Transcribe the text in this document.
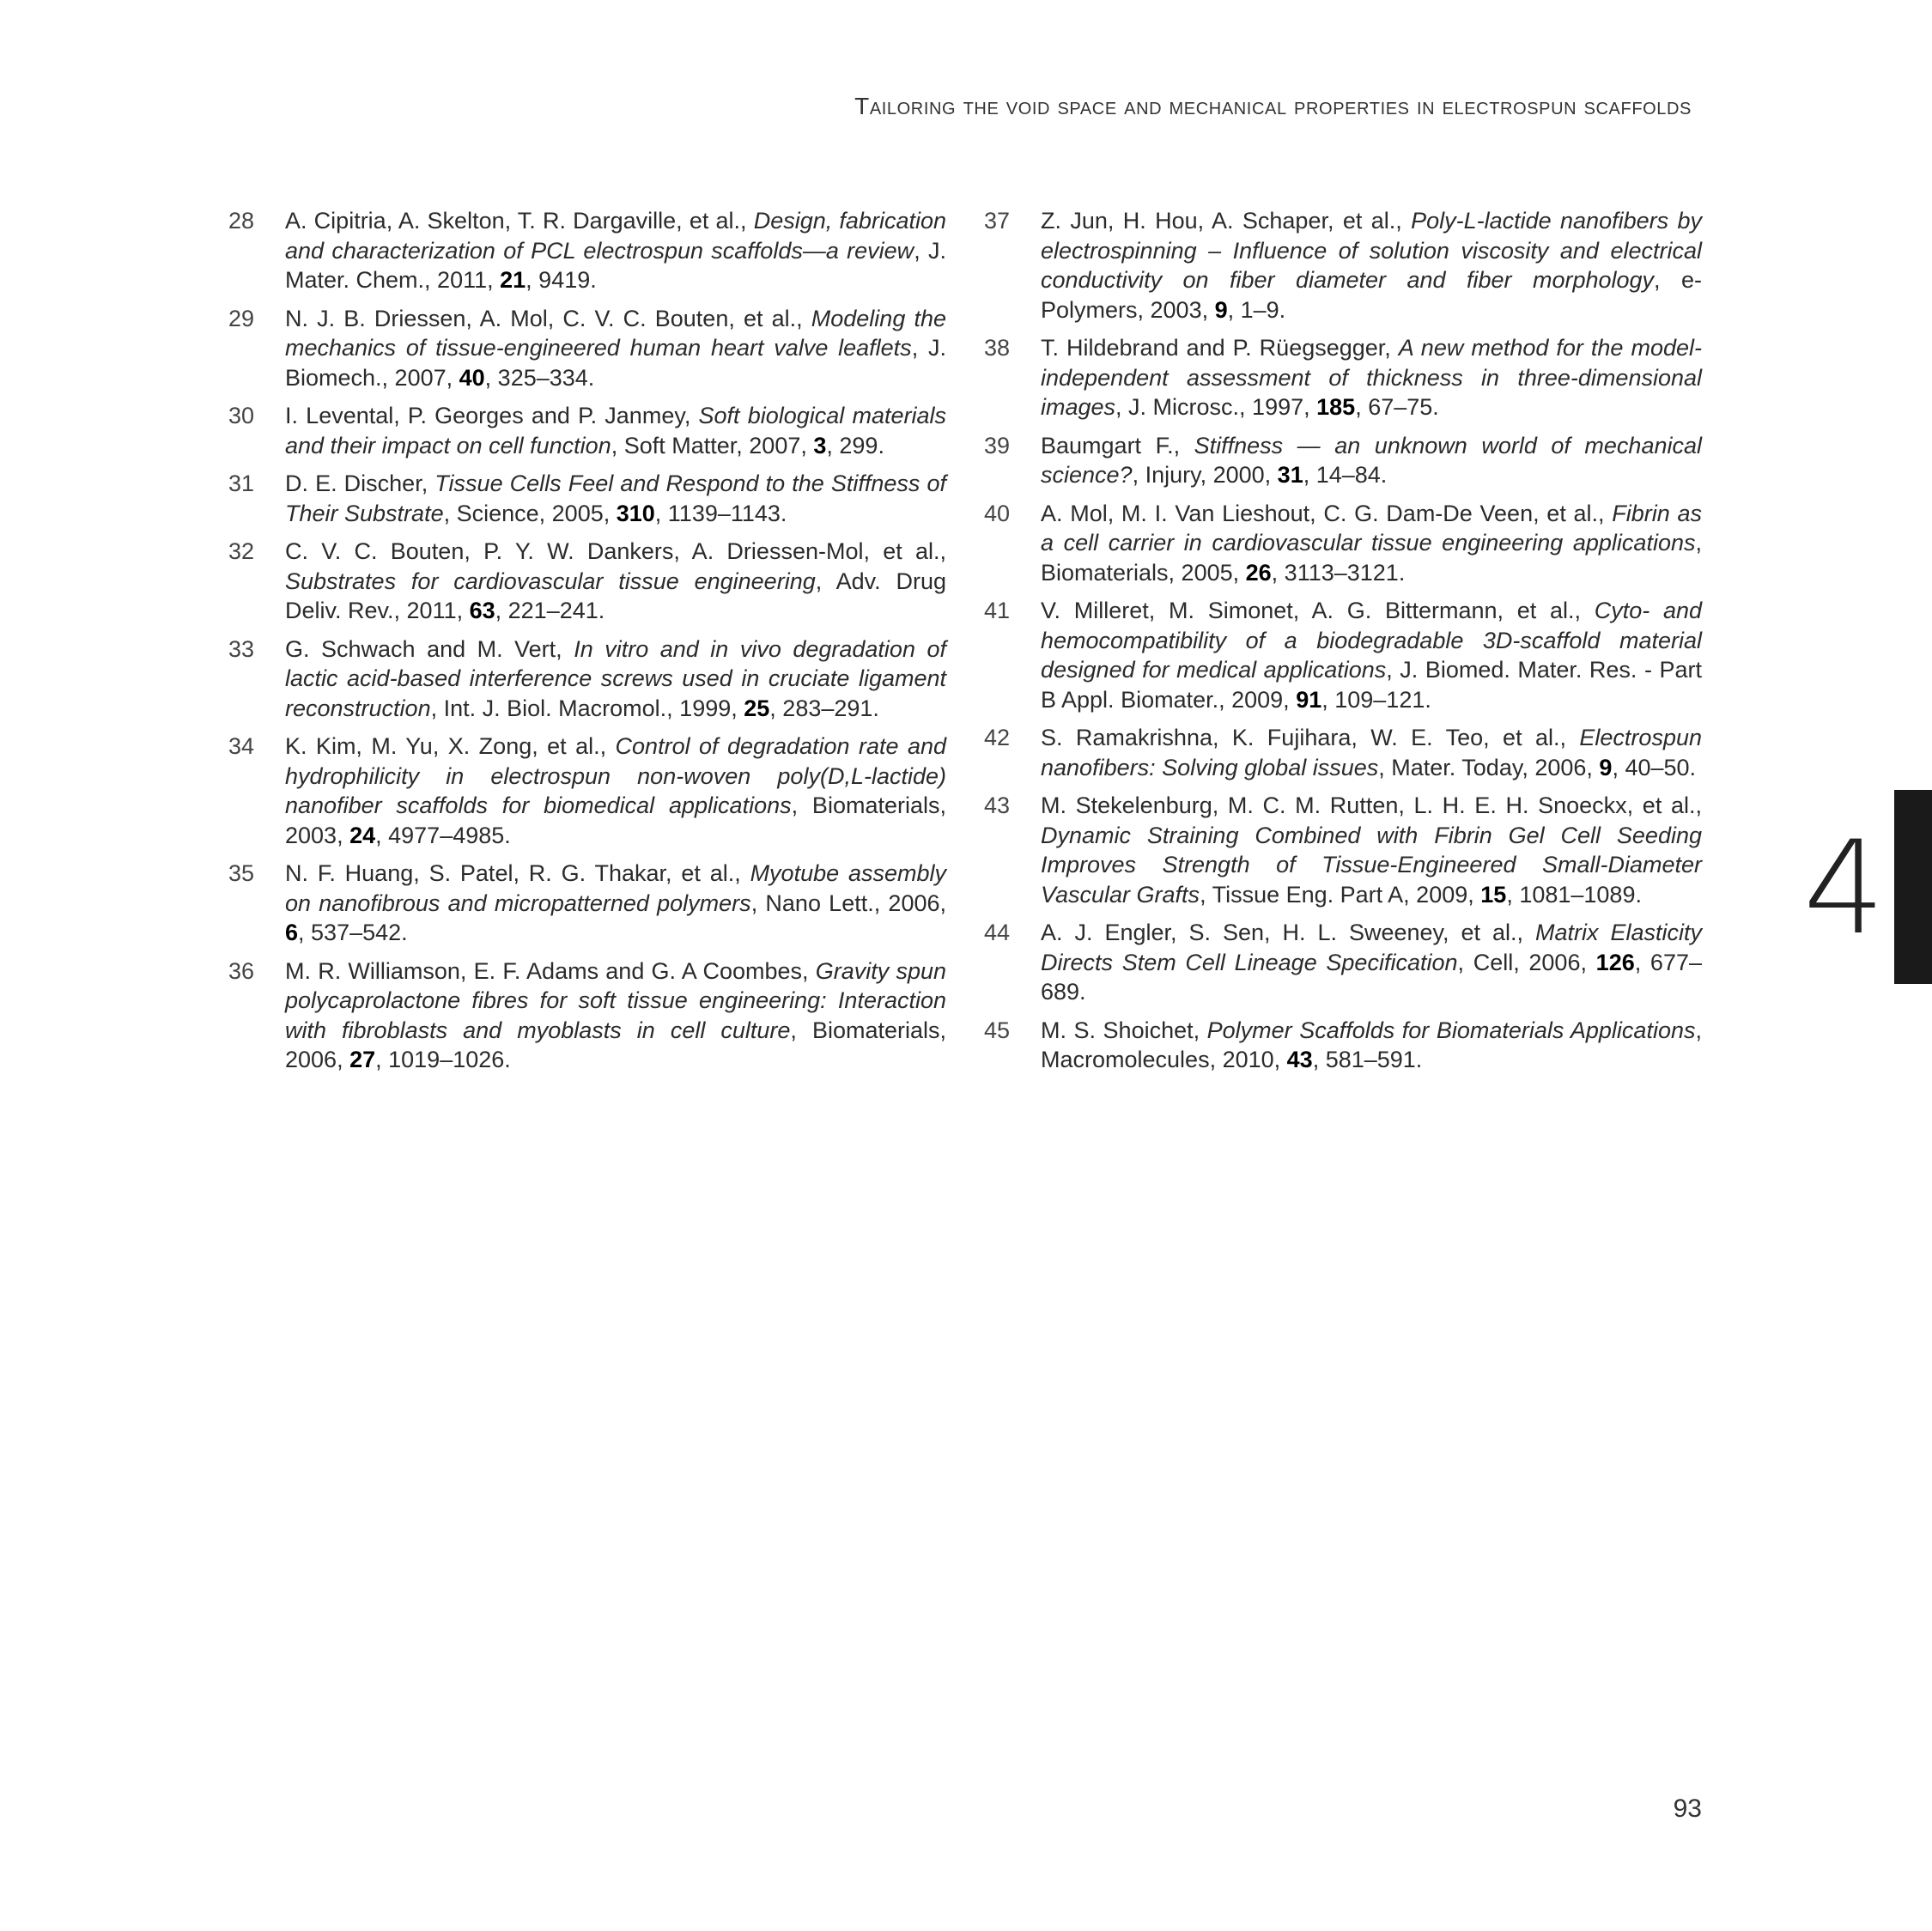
Tailoring the void space and mechanical properties in electrospun scaffolds
28	A. Cipitria, A. Skelton, T. R. Dargaville, et al., Design, fabrication and characterization of PCL electrospun scaffolds—a review, J. Mater. Chem., 2011, 21, 9419.
29	N. J. B. Driessen, A. Mol, C. V. C. Bouten, et al., Modeling the mechanics of tissue-engineered human heart valve leaflets, J. Biomech., 2007, 40, 325–334.
30	I. Levental, P. Georges and P. Janmey, Soft biological materials and their impact on cell function, Soft Matter, 2007, 3, 299.
31	D. E. Discher, Tissue Cells Feel and Respond to the Stiffness of Their Substrate, Science, 2005, 310, 1139–1143.
32	C. V. C. Bouten, P. Y. W. Dankers, A. Driessen-Mol, et al., Substrates for cardiovascular tissue engineering, Adv. Drug Deliv. Rev., 2011, 63, 221–241.
33	G. Schwach and M. Vert, In vitro and in vivo degradation of lactic acid-based interference screws used in cruciate ligament reconstruction, Int. J. Biol. Macromol., 1999, 25, 283–291.
34	K. Kim, M. Yu, X. Zong, et al., Control of degradation rate and hydrophilicity in electrospun non-woven poly(D,L-lactide) nanofiber scaffolds for biomedical applications, Biomaterials, 2003, 24, 4977–4985.
35	N. F. Huang, S. Patel, R. G. Thakar, et al., Myotube assembly on nanofibrous and micropatterned polymers, Nano Lett., 2006, 6, 537–542.
36	M. R. Williamson, E. F. Adams and G. A Coombes, Gravity spun polycaprolactone fibres for soft tissue engineering: Interaction with fibroblasts and myoblasts in cell culture, Biomaterials, 2006, 27, 1019–1026.
37	Z. Jun, H. Hou, A. Schaper, et al., Poly-L-lactide nanofibers by electrospinning – Influence of solution viscosity and electrical conductivity on fiber diameter and fiber morphology, e-Polymers, 2003, 9, 1–9.
38	T. Hildebrand and P. Rüegsegger, A new method for the model-independent assessment of thickness in three-dimensional images, J. Microsc., 1997, 185, 67–75.
39	Baumgart F., Stiffness — an unknown world of mechanical science?, Injury, 2000, 31, 14–84.
40	A. Mol, M. I. Van Lieshout, C. G. Dam-De Veen, et al., Fibrin as a cell carrier in cardiovascular tissue engineering applications, Biomaterials, 2005, 26, 3113–3121.
41	V. Milleret, M. Simonet, A. G. Bittermann, et al., Cyto- and hemocompatibility of a biodegradable 3D-scaffold material designed for medical applications, J. Biomed. Mater. Res. - Part B Appl. Biomater., 2009, 91, 109–121.
42	S. Ramakrishna, K. Fujihara, W. E. Teo, et al., Electrospun nanofibers: Solving global issues, Mater. Today, 2006, 9, 40–50.
43	M. Stekelenburg, M. C. M. Rutten, L. H. E. H. Snoeckx, et al., Dynamic Straining Combined with Fibrin Gel Cell Seeding Improves Strength of Tissue-Engineered Small-Diameter Vascular Grafts, Tissue Eng. Part A, 2009, 15, 1081–1089.
44	A. J. Engler, S. Sen, H. L. Sweeney, et al., Matrix Elasticity Directs Stem Cell Lineage Specification, Cell, 2006, 126, 677–689.
45	M. S. Shoichet, Polymer Scaffolds for Biomaterials Applications, Macromolecules, 2010, 43, 581–591.
4
93
